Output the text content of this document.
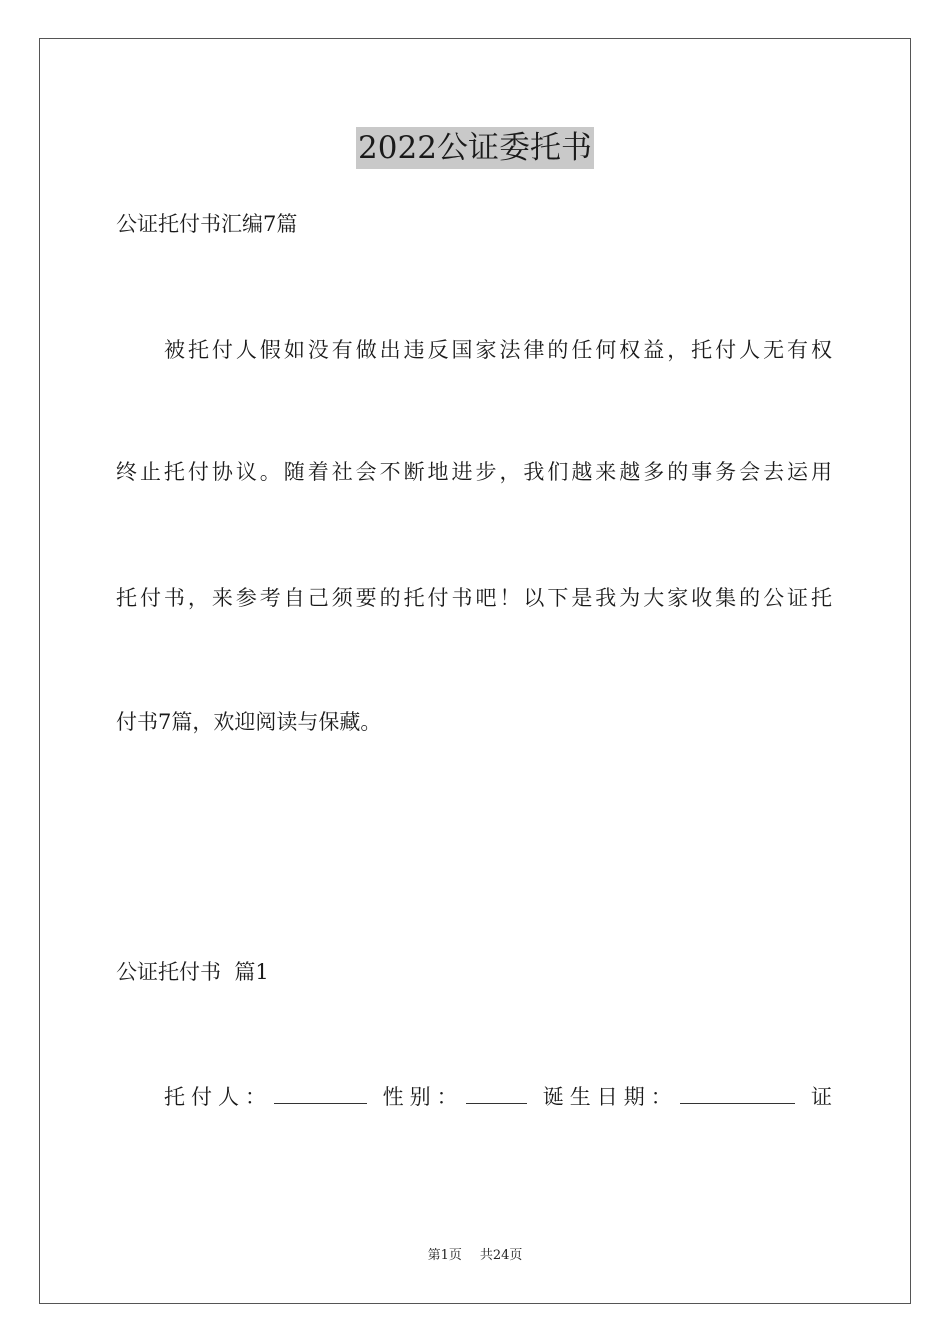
2022公证委托书
公证托付书汇编7篇
被托付人假如没有做出违反国家法律的任何权益，托付人无有权
终止托付协议。随着社会不断地进步，我们越来越多的事务会去运用
托付书，来参考自己须要的托付书吧！以下是我为大家收集的公证托
付书7篇，欢迎阅读与保藏。
公证托付书  篇1
托付人：	性别：	诞生日期：	证
第1页 共24页
